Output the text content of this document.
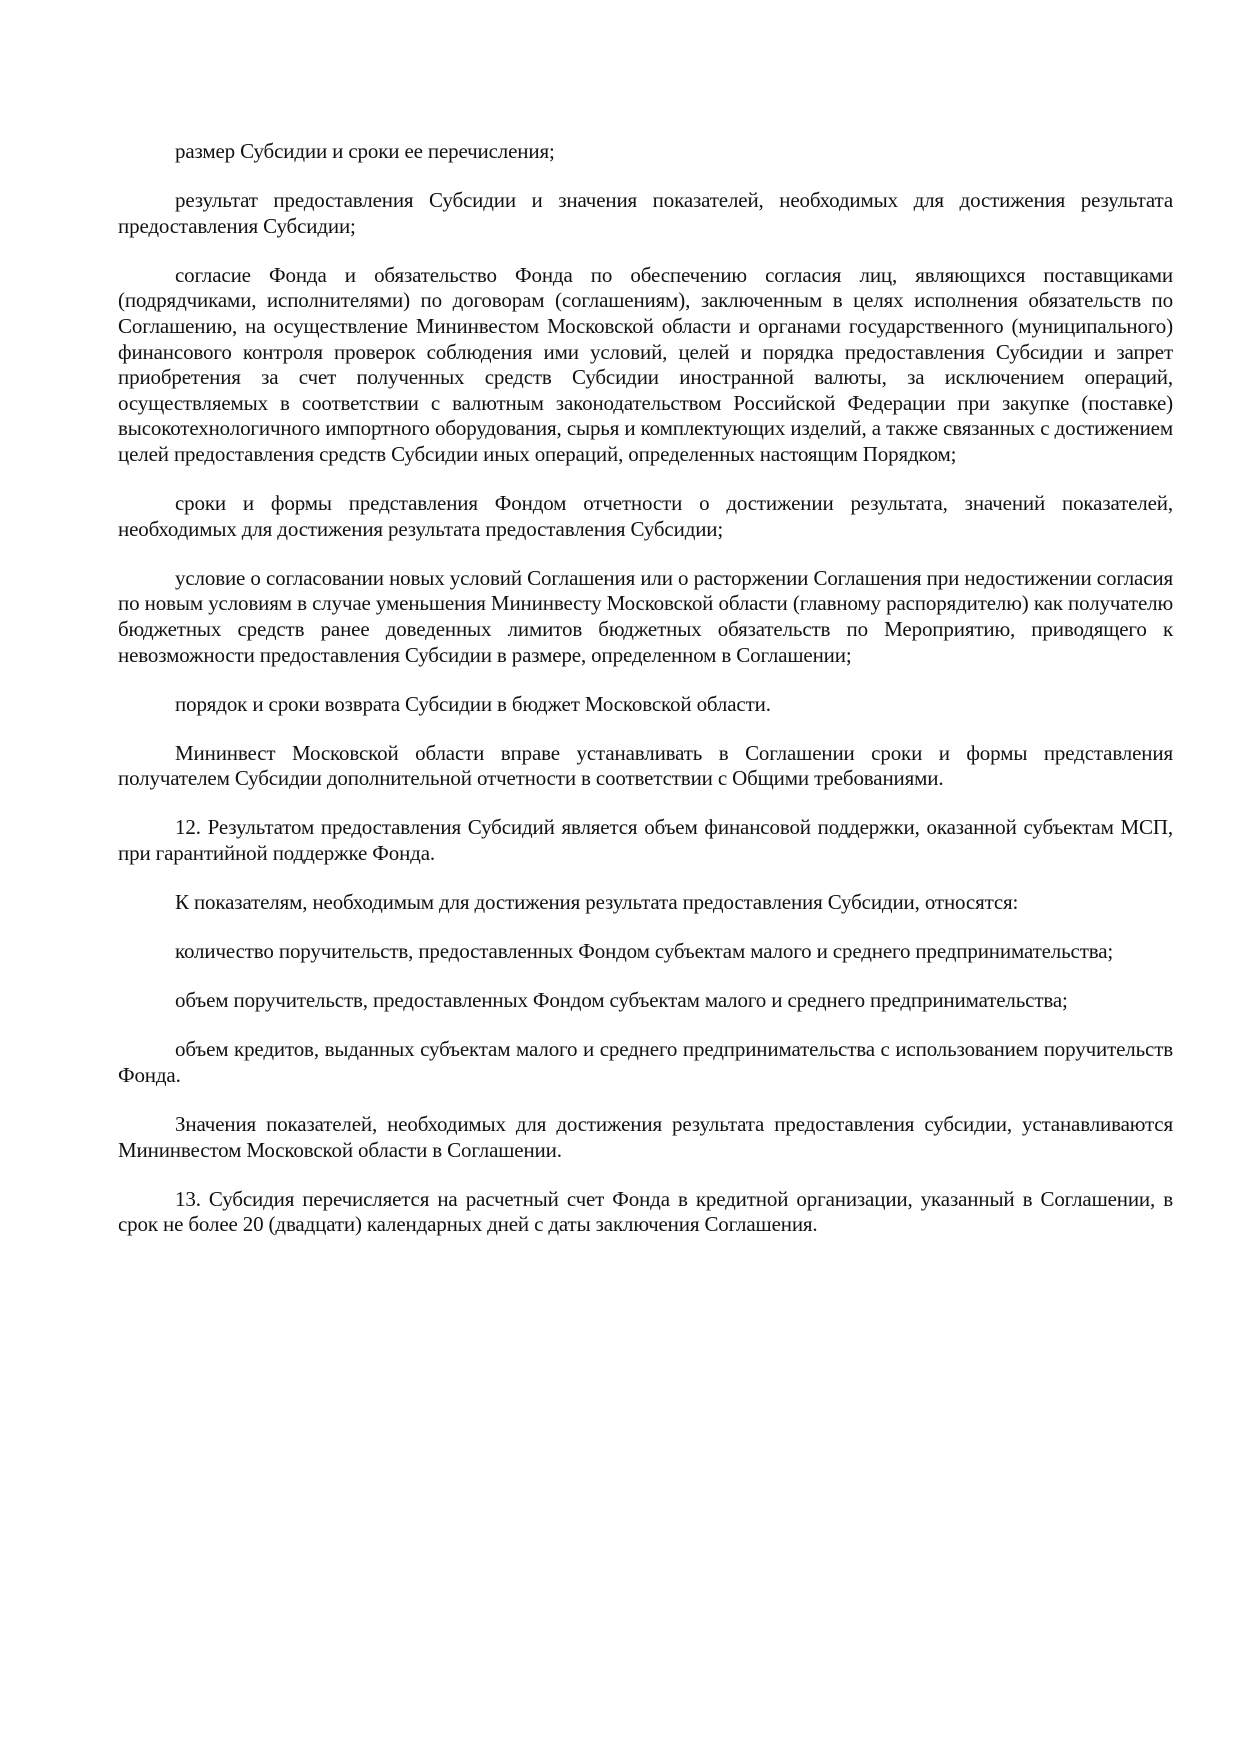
размер Субсидии и сроки ее перечисления;

результат предоставления Субсидии и значения показателей, необходимых для достижения результата предоставления Субсидии;

согласие Фонда и обязательство Фонда по обеспечению согласия лиц, являющихся поставщиками (подрядчиками, исполнителями) по договорам (соглашениям), заключенным в целях исполнения обязательств по Соглашению, на осуществление Мининвестом Московской области и органами государственного (муниципального) финансового контроля проверок соблюдения ими условий, целей и порядка предоставления Субсидии и запрет приобретения за счет полученных средств Субсидии иностранной валюты, за исключением операций, осуществляемых в соответствии с валютным законодательством Российской Федерации при закупке (поставке) высокотехнологичного импортного оборудования, сырья и комплектующих изделий, а также связанных с достижением целей предоставления средств Субсидии иных операций, определенных настоящим Порядком;

сроки и формы представления Фондом отчетности о достижении результата, значений показателей, необходимых для достижения результата предоставления Субсидии;

условие о согласовании новых условий Соглашения или о расторжении Соглашения при недостижении согласия по новым условиям в случае уменьшения Мининвесту Московской области (главному распорядителю) как получателю бюджетных средств ранее доведенных лимитов бюджетных обязательств по Мероприятию, приводящего к невозможности предоставления Субсидии в размере, определенном в Соглашении;

порядок и сроки возврата Субсидии в бюджет Московской области.

Мининвест Московской области вправе устанавливать в Соглашении сроки и формы представления получателем Субсидии дополнительной отчетности в соответствии с Общими требованиями.

12. Результатом предоставления Субсидий является объем финансовой поддержки, оказанной субъектам МСП, при гарантийной поддержке Фонда.

К показателям, необходимым для достижения результата предоставления Субсидии, относятся:

количество поручительств, предоставленных Фондом субъектам малого и среднего предпринимательства;

объем поручительств, предоставленных Фондом субъектам малого и среднего предпринимательства;

объем кредитов, выданных субъектам малого и среднего предпринимательства с использованием поручительств Фонда.

Значения показателей, необходимых для достижения результата предоставления субсидии, устанавливаются Мининвестом Московской области в Соглашении.

13. Субсидия перечисляется на расчетный счет Фонда в кредитной организации, указанный в Соглашении, в срок не более 20 (двадцати) календарных дней с даты заключения Соглашения.
